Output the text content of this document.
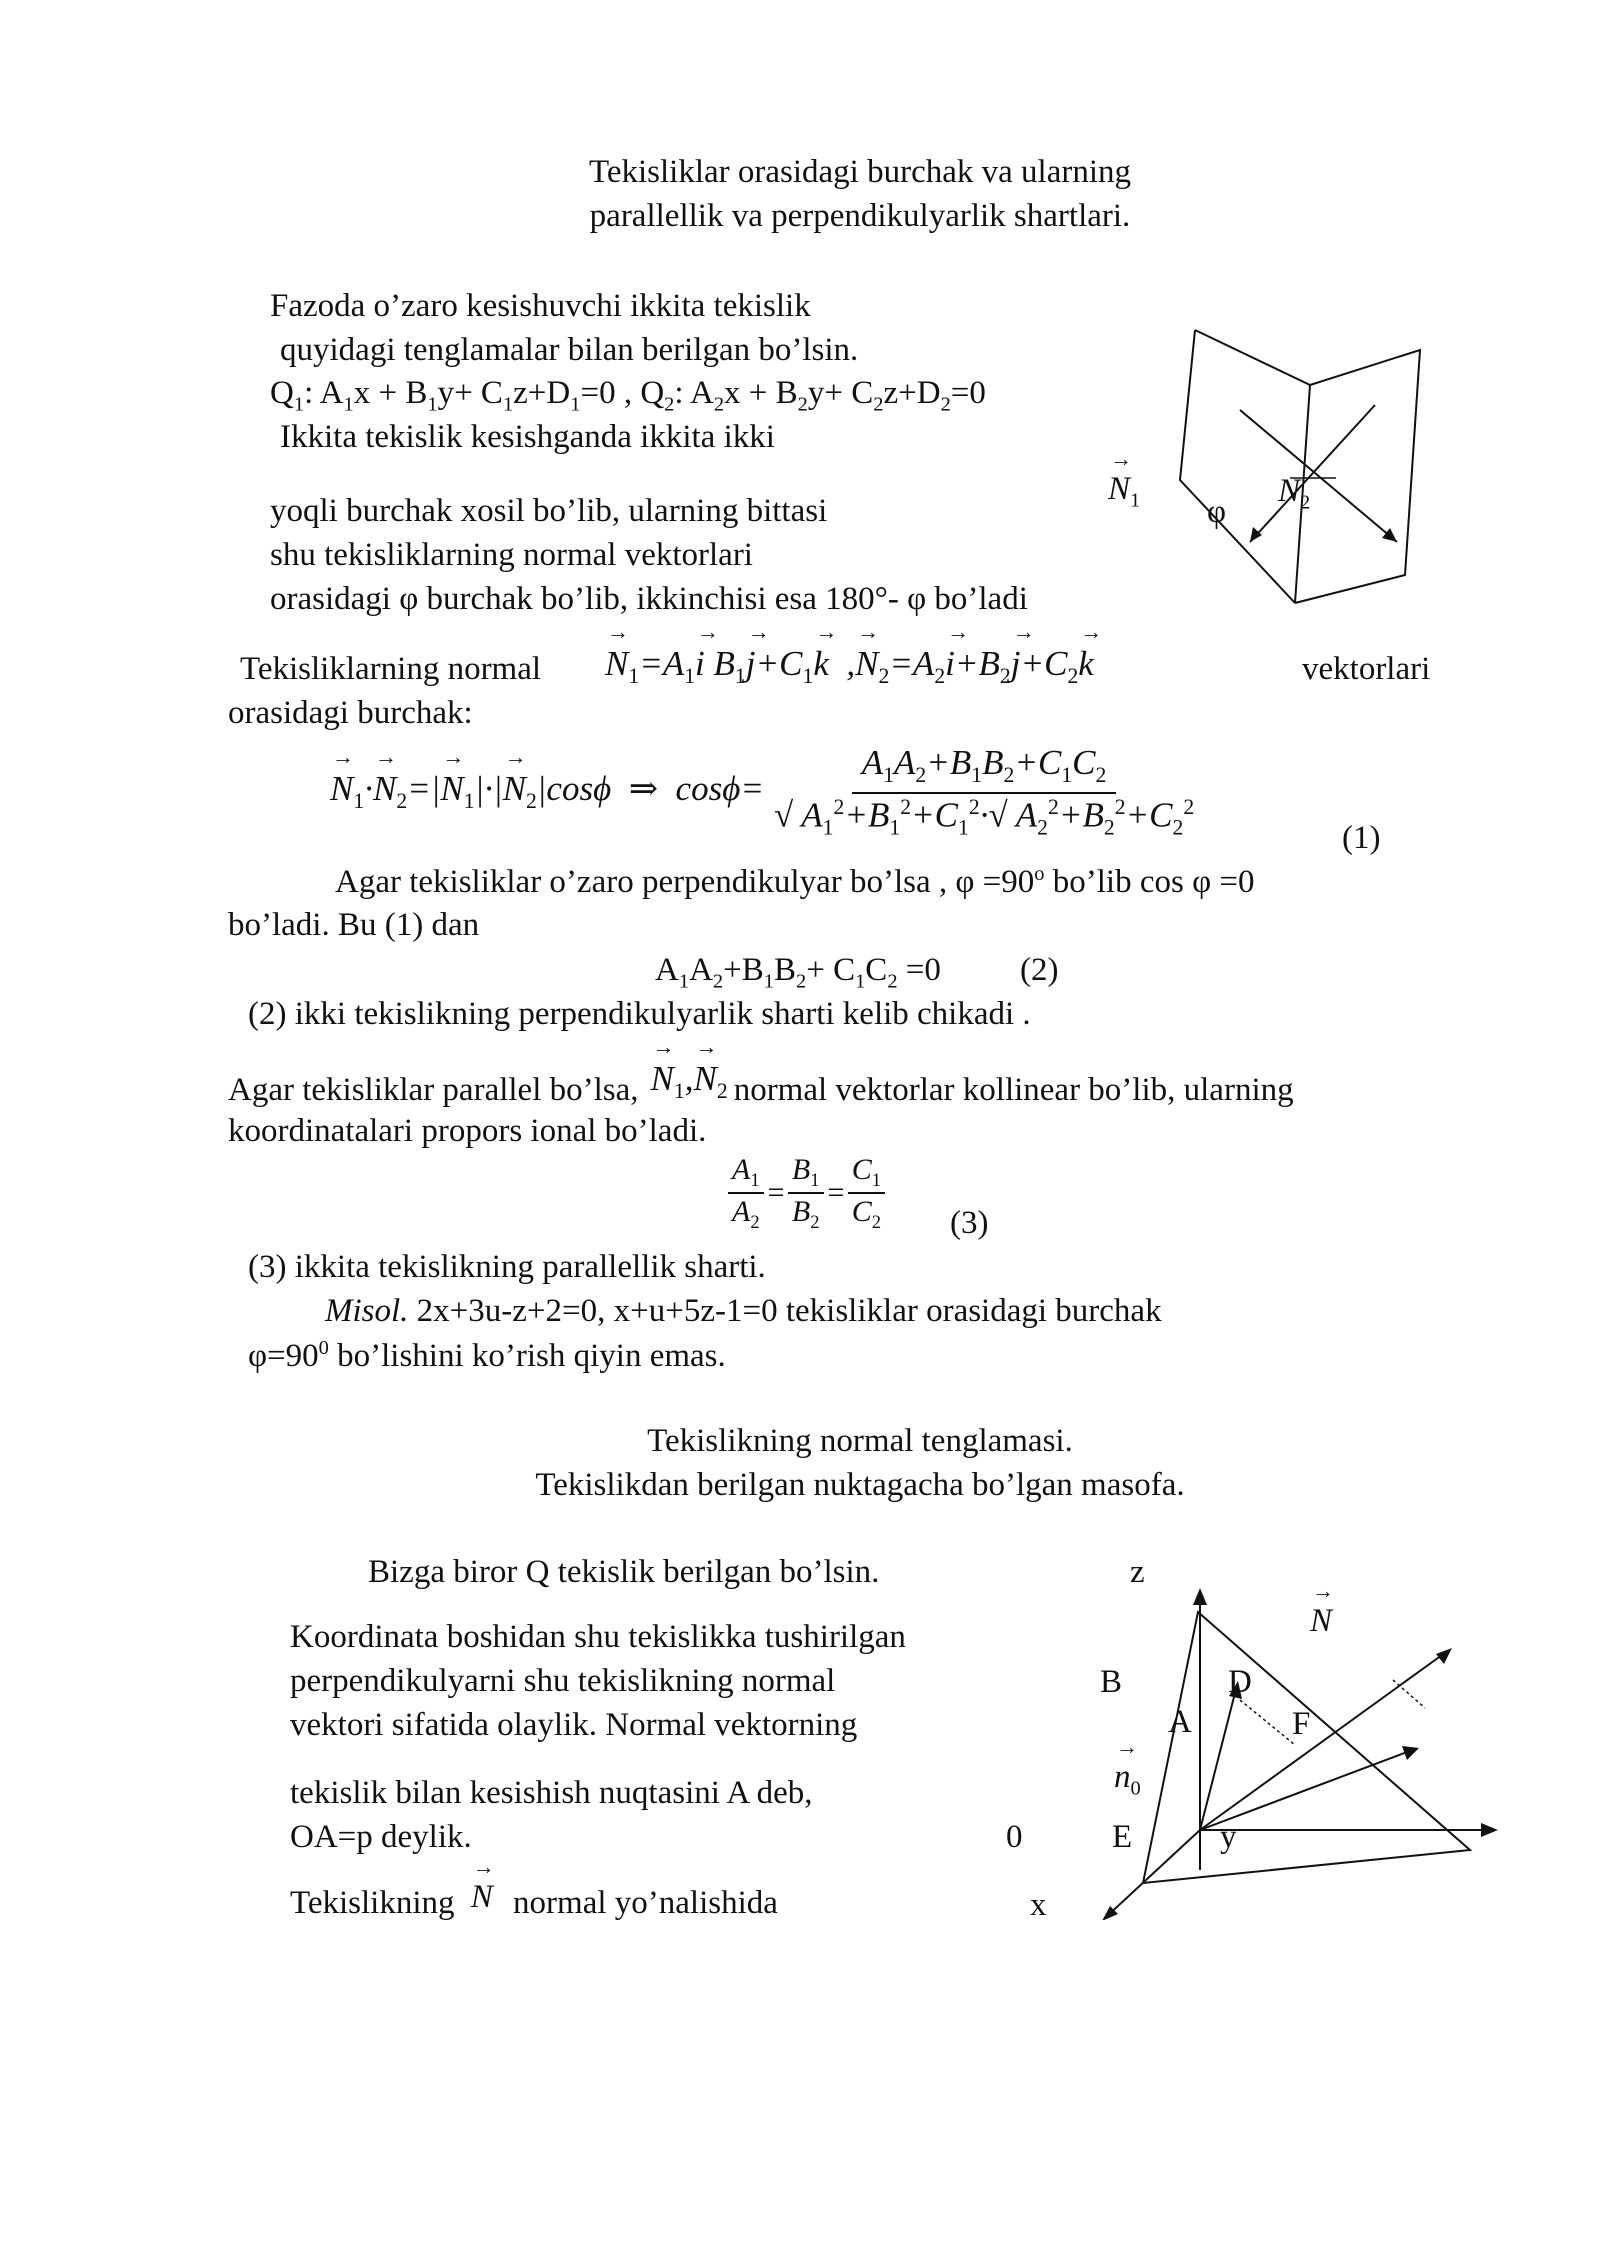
Tekisliklar orasidagi burchak va ularning
parallellik va perpendikulyarlik shartlari.
Fazoda o’zaro kesishuvchi ikkita tekislik
quyidagi tenglamalar bilan berilgan bo’lsin.
$Q_1$: $A_1x + B_1y+ C_1z+D_1=0$ , $Q_2$: $A_2x + B_2y+ C_2z+D_2=0$
Ikkita tekislik kesishganda ikkita ikki
yoqli burchak xosil bo’lib, ularning bittasi
shu tekisliklarning normal vektorlari
orasidagi φ burchak bo’lib, ikkinchisi esa 180°- φ bo’ladi
→ $N_1$ φ
$N_2$
Tekisliklarning normal → $N_1=A_1\to i$ $B_1\to j+C_1\to k$  ,→ $N_2=A_2\to i+B_2\to j+C_2\to k$	vektorlari
orasidagi burchak:
→ $N_1\cdot\to N_2=|\to N_1|\cdot|\to N_2|\cos\phi$  ⇒  $\cos\phi= \frac{A_1A_2+B_1B_2+C_1C_2}{√ A_1^2+B_1^2+C_1^2\cdot√ A_2^2+B_2^2+C_2^2}$	(1)
Agar tekisliklar o’zaro perpendikulyar bo’lsa , $\varphi =90^o$ bo’lib cos φ =0
bo’ladi. Bu (1) dan
$A_1A_2+B_1B_2+ C_1C_2 =0$ (2)
(2) ikki tekislikning perpendikulyarlik sharti kelib chikadi .
Agar tekisliklar parallel bo’lsa, → $N_1,\to N_2$ normal vektorlar kollinear bo’lib, ularning
koordinatalari propors ional bo’ladi.
$\frac{A_1}{A_2} = \frac{B_1}{B_2} = \frac{C_1}{C_2} (3)$
(3) ikkita tekislikning parallellik sharti.
Misol. 2x+3u-z+2=0, x+u+5z-1=0 tekisliklar orasidagi burchak
$\varphi=90^0$ bo’lishini ko’rish qiyin emas.
Tekislikning normal tenglamasi.
Tekislikdan berilgan nuktagacha bo’lgan masofa.
Bizga biror Q tekislik berilgan bo’lsin.
Koordinata boshidan shu tekislikka tushirilgan
perpendikulyarni shu tekislikning normal
vektori sifatida olaylik. Normal vektorning
tekislik bilan kesishish nuqtasini A deb,
OA=p deylik.	0
Tekislikning → N normal yo’nalishida	x
z
→ N
B	D
A	F
→ $n_0$
E	y
